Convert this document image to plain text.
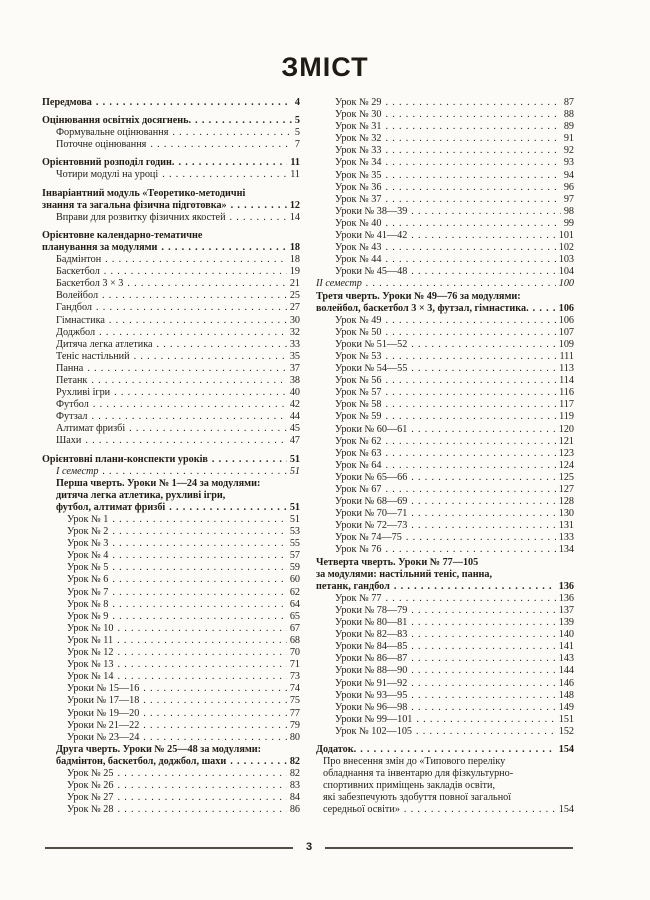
ЗМІСТ
Передмова .....	4
Оцінювання освітніх досягнень. .....	5
Формувальне оцінювання .....	5
Поточне оцінювання .....	7
Орієнтовний розподіл годин. .....	11
Чотири модулі на уроці .....	11
Інваріантний модуль «Теоретико-методичні
знання та загальна фізична підготовка» .....	12
Вправи для розвитку фізичних якостей .....	14
Орієнтовне календарно-тематичне
планування за модулями .....	18
Бадмінтон .....	18
Баскетбол .....	19
Баскетбол 3 × 3 .....	21
Волейбол .....	25
Гандбол .....	27
Гімнастика .....	30
Доджбол .....	32
Дитяча легка атлетика .....	33
Теніс настільний .....	35
Панна .....	37
Петанк .....	38
Рухливі ігри .....	40
Футбол .....	42
Футзал .....	44
Алтимат фризбі .....	45
Шахи .....	47
Орієнтовні плани-конспекти уроків .....	51
I семестр .....	51
Перша чверть. Уроки № 1—24 за модулями:
дитяча легка атлетика, рухливі ігри,
футбол, алтимат фризбі .....	51
Урок № 1 .....	51
Урок № 2 .....	53
Урок № 3 .....	55
Урок № 4 .....	57
Урок № 5 .....	59
Урок № 6 .....	60
Урок № 7 .....	62
Урок № 8 .....	64
Урок № 9 .....	65
Урок № 10 .....	67
Урок № 11 .....	68
Урок № 12 .....	70
Урок № 13 .....	71
Урок № 14 .....	73
Уроки № 15—16 .....	74
Уроки № 17—18 .....	75
Уроки № 19—20 .....	77
Уроки № 21—22 .....	79
Уроки № 23—24 .....	80
Друга чверть. Уроки № 25—48 за модулями:
бадмінтон, баскетбол, доджбол, шахи .....	82
Урок № 25 .....	82
Урок № 26 .....	83
Урок № 27 .....	84
Урок № 28 .....	86
Урок № 29 .....	87
Урок № 30 .....	88
Урок № 31 .....	89
Урок № 32 .....	91
Урок № 33 .....	92
Урок № 34 .....	93
Урок № 35 .....	94
Урок № 36 .....	96
Урок № 37 .....	97
Уроки № 38—39 .....	98
Урок № 40 .....	99
Уроки № 41—42 .....	101
Урок № 43 .....	102
Урок № 44 .....	103
Уроки № 45—48 .....	104
II семестр .....	100
Третя чверть. Уроки № 49—76 за модулями:
волейбол, баскетбол 3 × 3, футзал, гімнастика. .....	106
Урок № 49 .....	106
Урок № 50 .....	107
Уроки № 51—52 .....	109
Урок № 53 .....	111
Уроки № 54—55 .....	113
Урок № 56 .....	114
Урок № 57 .....	116
Урок № 58 .....	117
Урок № 59 .....	119
Уроки № 60—61 .....	120
Урок № 62 .....	121
Урок № 63 .....	123
Урок № 64 .....	124
Уроки № 65—66 .....	125
Урок № 67 .....	127
Уроки № 68—69 .....	128
Уроки № 70—71 .....	130
Уроки № 72—73 .....	131
Урок № 74—75 .....	133
Урок № 76 .....	134
Четверта чверть. Уроки № 77—105
за модулями: настільний теніс, панна,
петанк, гандбол .....	136
Урок № 77 .....	136
Уроки № 78—79 .....	137
Уроки № 80—81 .....	139
Уроки № 82—83 .....	140
Уроки № 84—85 .....	141
Уроки № 86—87 .....	143
Уроки № 88—90 .....	144
Уроки № 91—92 .....	146
Уроки № 93—95 .....	148
Уроки № 96—98 .....	149
Уроки № 99—101 .....	151
Урок № 102—105 .....	152
Додаток. .....	154
Про внесення змін до «Типового переліку
обладнання та інвентарю для фізкультурно-
спортивних приміщень закладів освіти,
які забезпечують здобуття повної загальної
середньої освіти» .....	154
3
